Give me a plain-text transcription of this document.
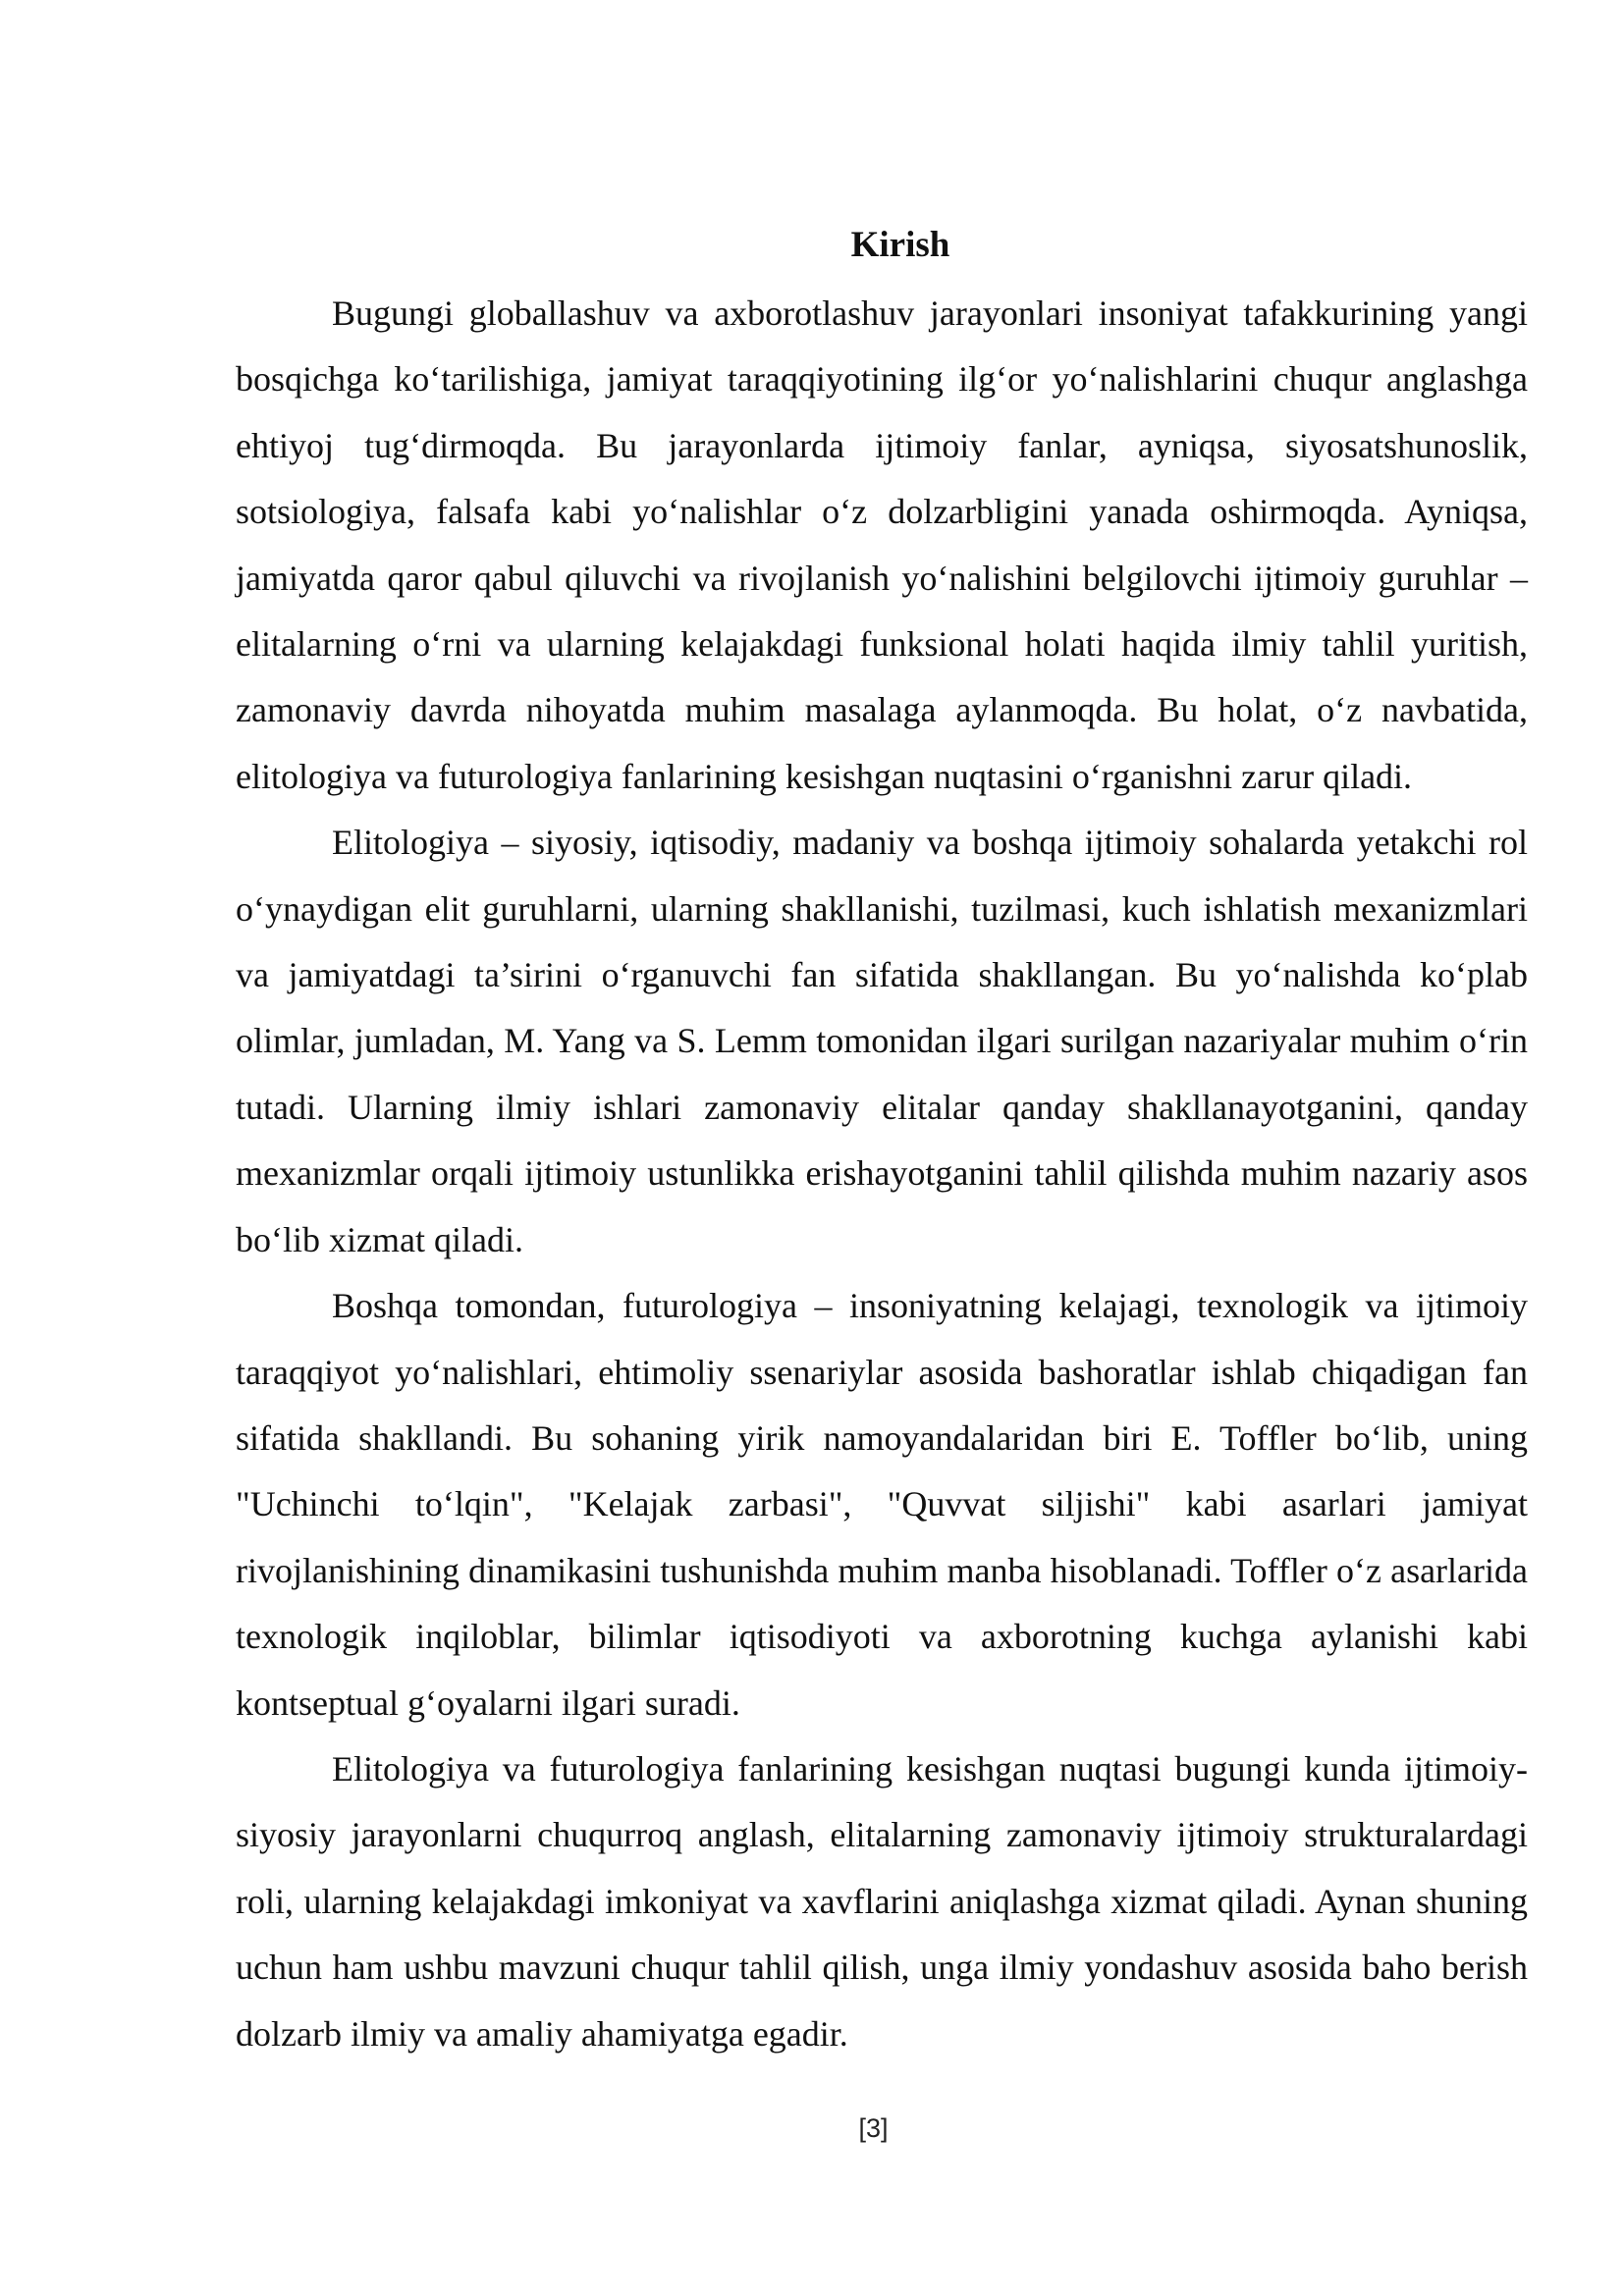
Kirish

Bugungi globallashuv va axborotlashuv jarayonlari insoniyat tafakkurining yangi bosqichga ko‘tarilishiga, jamiyat taraqqiyotining ilg‘or yo‘nalishlarini chuqur anglashga ehtiyoj tug‘dirmoqda. Bu jarayonlarda ijtimoiy fanlar, ayniqsa, siyosatshunoslik, sotsiologiya, falsafa kabi yo‘nalishlar o‘z dolzarbligini yanada oshirmoqda. Ayniqsa, jamiyatda qaror qabul qiluvchi va rivojlanish yo‘nalishini belgilovchi ijtimoiy guruhlar – elitalarning o‘rni va ularning kelajakdagi funksional holati haqida ilmiy tahlil yuritish, zamonaviy davrda nihoyatda muhim masalaga aylanmoqda. Bu holat, o‘z navbatida, elitologiya va futurologiya fanlarining kesishgan nuqtasini o‘rganishni zarur qiladi.

Elitologiya – siyosiy, iqtisodiy, madaniy va boshqa ijtimoiy sohalarda yetakchi rol o‘ynaydigan elit guruhlarni, ularning shakllanishi, tuzilmasi, kuch ishlatish mexanizmlari va jamiyatdagi ta’sirini o‘rganuvchi fan sifatida shakllangan. Bu yo‘nalishda ko‘plab olimlar, jumladan, M. Yang va S. Lemm tomonidan ilgari surilgan nazariyalar muhim o‘rin tutadi. Ularning ilmiy ishlari zamonaviy elitalar qanday shakllanayotganini, qanday mexanizmlar orqali ijtimoiy ustunlikka erishayotganini tahlil qilishda muhim nazariy asos bo‘lib xizmat qiladi.

Boshqa tomondan, futurologiya – insoniyatning kelajagi, texnologik va ijtimoiy taraqqiyot yo‘nalishlari, ehtimoliy ssenariylar asosida bashoratlar ishlab chiqadigan fan sifatida shakllandi. Bu sohaning yirik namoyandalaridan biri E. Toffler bo‘lib, uning "Uchinchi to‘lqin", "Kelajak zarbasi", "Quvvat siljishi" kabi asarlari jamiyat rivojlanishining dinamikasini tushunishda muhim manba hisoblanadi. Toffler o‘z asarlarida texnologik inqiloblar, bilimlar iqtisodiyoti va axborotning kuchga aylanishi kabi kontseptual g‘oyalarni ilgari suradi.

Elitologiya va futurologiya fanlarining kesishgan nuqtasi bugungi kunda ijtimoiy-siyosiy jarayonlarni chuqurroq anglash, elitalarning zamonaviy ijtimoiy strukturalardagi roli, ularning kelajakdagi imkoniyat va xavflarini aniqlashga xizmat qiladi. Aynan shuning uchun ham ushbu mavzuni chuqur tahlil qilish, unga ilmiy yondashuv asosida baho berish dolzarb ilmiy va amaliy ahamiyatga egadir.

[3]
